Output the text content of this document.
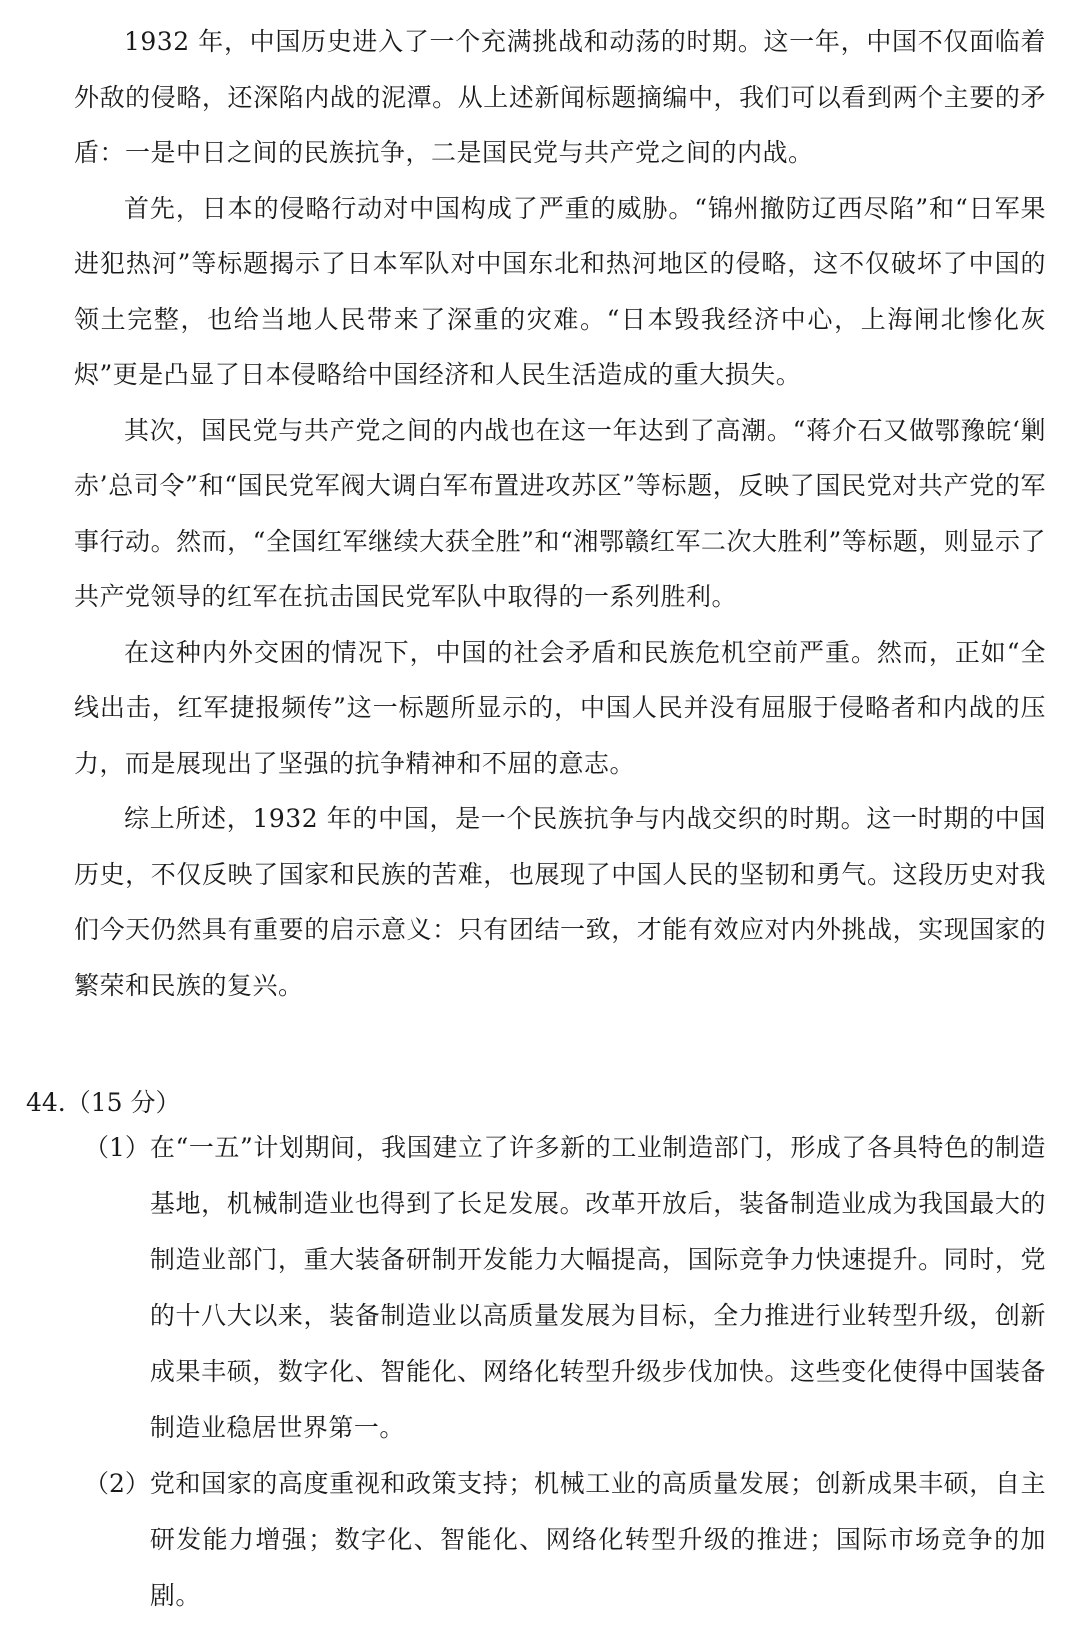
1932 年，中国历史进入了一个充满挑战和动荡的时期。这一年，中国不仅面临着外敌的侵略，还深陷内战的泥潭。从上述新闻标题摘编中，我们可以看到两个主要的矛盾：一是中日之间的民族抗争，二是国民党与共产党之间的内战。

首先，日本的侵略行动对中国构成了严重的威胁。“锦州撤防辽西尽陷”和“日军果进犯热河”等标题揭示了日本军队对中国东北和热河地区的侵略，这不仅破坏了中国的领土完整，也给当地人民带来了深重的灾难。“日本毁我经济中心，上海闸北惨化灰烬”更是凸显了日本侵略给中国经济和人民生活造成的重大损失。

其次，国民党与共产党之间的内战也在这一年达到了高潮。“蒋介石又做鄂豫皖‘剿赤’总司令”和“国民党军阀大调白军布置进攻苏区”等标题，反映了国民党对共产党的军事行动。然而，“全国红军继续大获全胜”和“湘鄂赣红军二次大胜利”等标题，则显示了共产党领导的红军在抗击国民党军队中取得的一系列胜利。

在这种内外交困的情况下，中国的社会矛盾和民族危机空前严重。然而，正如“全线出击，红军捷报频传”这一标题所显示的，中国人民并没有屈服于侵略者和内战的压力，而是展现出了坚强的抗争精神和不屈的意志。

综上所述，1932 年的中国，是一个民族抗争与内战交织的时期。这一时期的中国历史，不仅反映了国家和民族的苦难，也展现了中国人民的坚韧和勇气。这段历史对我们今天仍然具有重要的启示意义：只有团结一致，才能有效应对内外挑战，实现国家的繁荣和民族的复兴。

44.（15 分）

（1） 在“一五”计划期间，我国建立了许多新的工业制造部门，形成了各具特色的制造基地，机械制造业也得到了长足发展。改革开放后，装备制造业成为我国最大的制造业部门，重大装备研制开发能力大幅提高，国际竞争力快速提升。同时，党的十八大以来，装备制造业以高质量发展为目标，全力推进行业转型升级，创新成果丰硕，数字化、智能化、网络化转型升级步伐加快。这些变化使得中国装备制造业稳居世界第一。

（2） 党和国家的高度重视和政策支持；机械工业的高质量发展；创新成果丰硕，自主研发能力增强；数字化、智能化、网络化转型升级的推进；国际市场竞争的加剧。
